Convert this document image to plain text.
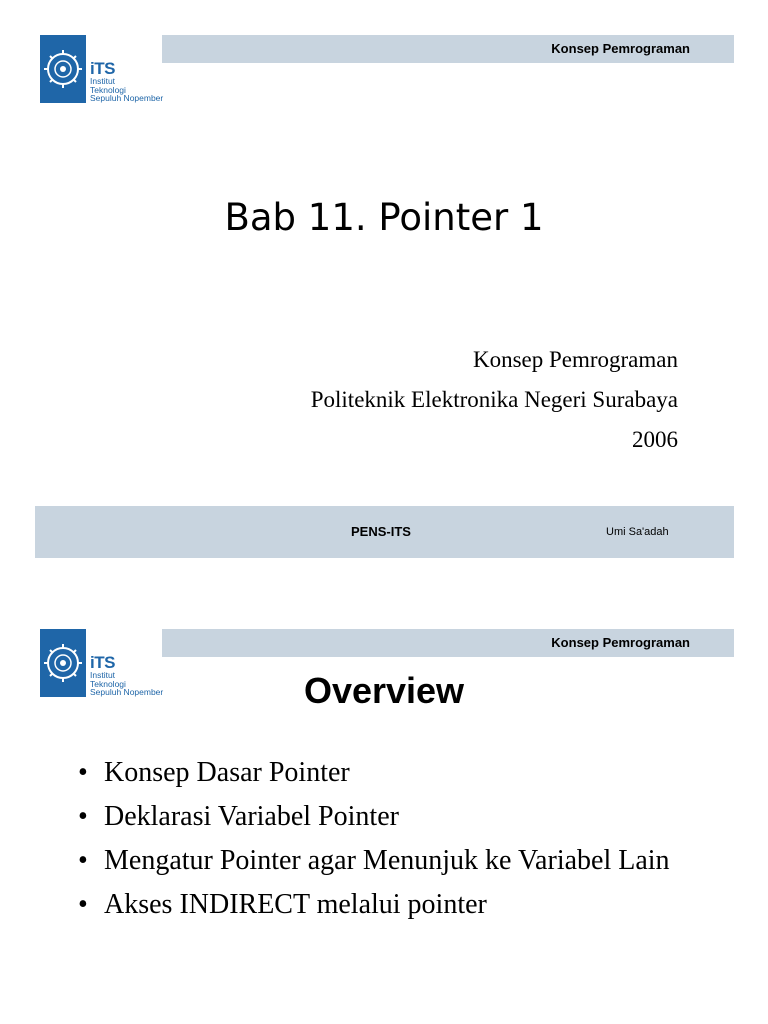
iTS
Institut
Teknologi
Sepuluh Nopember
Konsep Pemrograman
Bab 11. Pointer 1
Konsep Pemrograman
Politeknik Elektronika Negeri Surabaya
2006
PENS-ITS	Umi Sa'adah
iTS
Institut
Teknologi
Sepuluh Nopember
Konsep Pemrograman
Overview
• Konsep Dasar Pointer
• Deklarasi Variabel Pointer
• Mengatur Pointer agar Menunjuk ke Variabel Lain
• Akses INDIRECT melalui pointer
